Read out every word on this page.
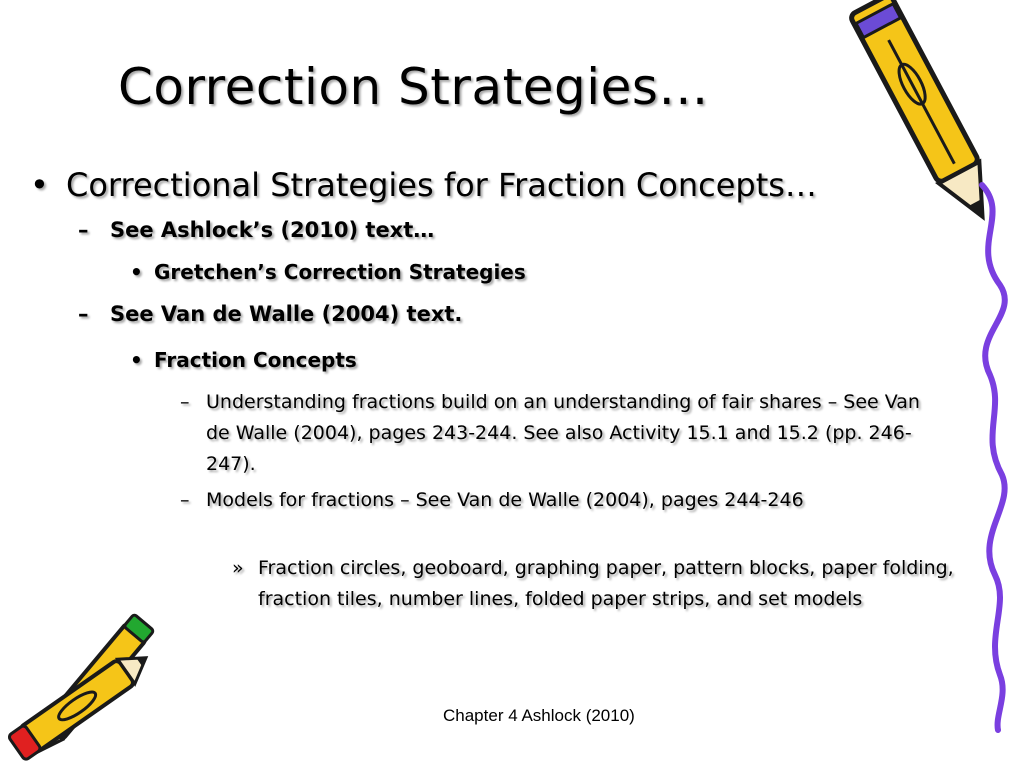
Correction Strategies…
• Correctional Strategies for Fraction Concepts…
– See Ashlock’s (2010) text…
• Gretchen’s Correction Strategies
– See Van de Walle (2004) text.
• Fraction Concepts
– Understanding fractions build on an understanding of fair shares – See Van de Walle (2004), pages 243-244. See also Activity 15.1 and 15.2 (pp. 246-247).
– Models for fractions – See Van de Walle (2004), pages 244-246
» Fraction circles, geoboard, graphing paper, pattern blocks, paper folding, fraction tiles, number lines, folded paper strips, and set models
Chapter 4 Ashlock (2010)
